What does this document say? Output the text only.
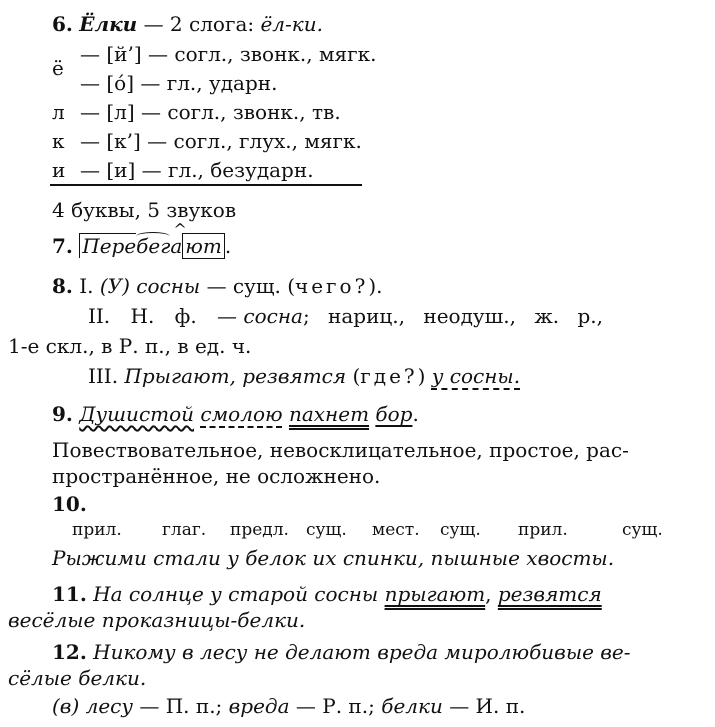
6. Ёлки — 2 слога: ёл-ки.
ё
— [й’] — согл., звонк., мягк.
— [о́] — гл., ударн.
л — [л] — согл., звонк., тв.
к — [к’] — согл., глух., мягк.
и — [и] — гл., безударн.
4 буквы, 5 звуков
7. Перебег^ а ют .
8. I. (У) сосны — сущ. (чего?).
II. Н. ф. — сосна; нариц., неодуш., ж. р.,
1-е скл., в Р. п., в ед. ч.
III. Прыгают, резвятся (где?) у сосны.
9. Душистой смолою пахнет бор.
Повествовательное, невосклицательное, простое, рас-
пространённое, не осложнено.
10.
прил. глаг. предл. сущ. мест. сущ. прил.	сущ.
Рыжими стали у белок их спинки, пышные хвосты.
11. На солнце у старой сосны прыгают, резвятся
весёлые проказницы-белки.
12. Никому в лесу не делают вреда миролюбивые ве-
сёлые белки.
(в) лесу — П. п.; вреда — Р. п.; белки — И. п.
